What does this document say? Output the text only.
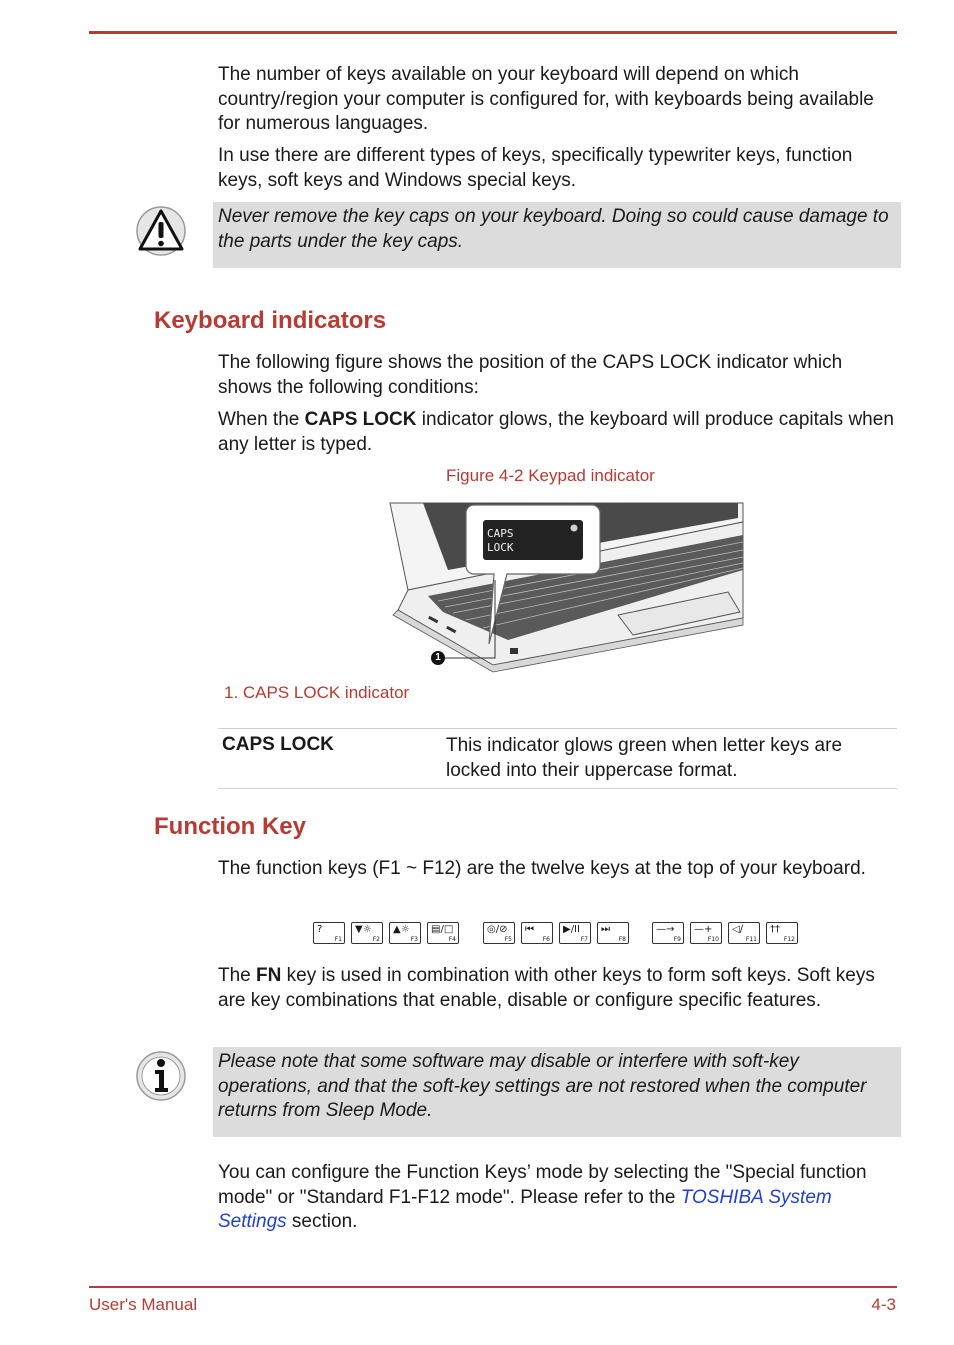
The number of keys available on your keyboard will depend on which country/region your computer is configured for, with keyboards being available for numerous languages.

In use there are different types of keys, specifically typewriter keys, function keys, soft keys and Windows special keys.

Never remove the key caps on your keyboard. Doing so could cause damage to the parts under the key caps.
Keyboard indicators

The following figure shows the position of the CAPS LOCK indicator which shows the following conditions:

When the CAPS LOCK indicator glows, the keyboard will produce capitals when any letter is typed.

Figure 4-2 Keypad indicator
CAPS
LOCK
1
1. CAPS LOCK indicator
CAPS LOCK	This indicator glows green when letter keys are locked into their uppercase format.
Function Key

The function keys (F1 ~ F12) are the twelve keys at the top of your keyboard.

?
F1
▼☼
F2
▲☼
F3
▤/□
F4
◎/⊘
F5
⏮
F6
▶/II
F7
⏭
F8
—→
F9
—+
F10
◁∕
F11
††
F12

The FN key is used in combination with other keys to form soft keys. Soft keys are key combinations that enable, disable or configure specific features.

Please note that some software may disable or interfere with soft-key operations, and that the soft-key settings are not restored when the computer returns from Sleep Mode.

You can configure the Function Keys’ mode by selecting the "Special function mode" or "Standard F1-F12 mode". Please refer to the TOSHIBA System Settings section.

User's Manual	4-3
